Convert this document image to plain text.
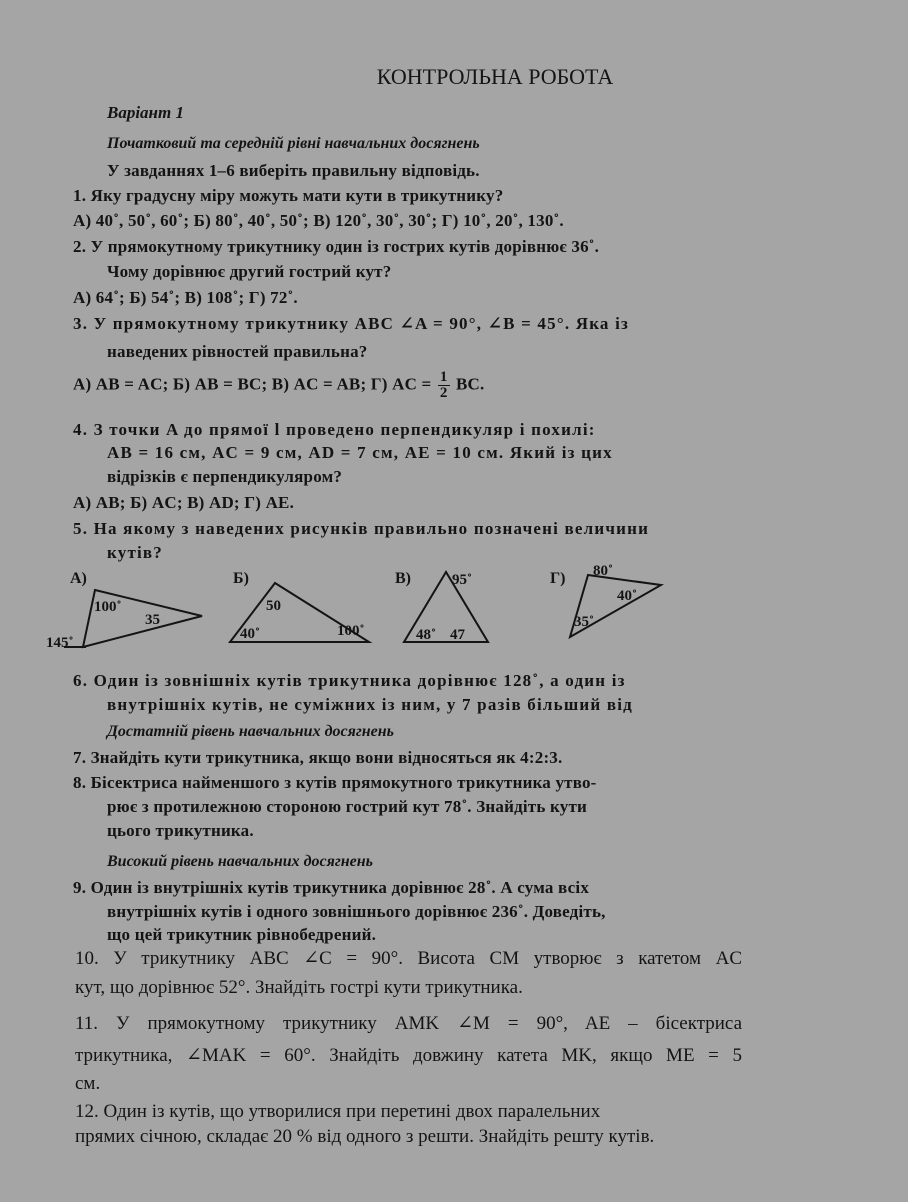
КОНТРОЛЬНА РОБОТА
Варіант 1
Початковий та середній рівні навчальних досягнень
У завданнях 1–6 виберіть правильну відповідь.
1. Яку градусну міру можуть мати кути в трикутнику?
А) 40˚, 50˚, 60˚; Б) 80˚, 40˚, 50˚; В) 120˚, 30˚, 30˚; Г) 10˚, 20˚, 130˚.
2. У прямокутному трикутнику один із гострих кутів дорівнює 36˚.
Чому дорівнює другий гострий кут?
А) 64˚; Б) 54˚; В) 108˚; Г) 72˚.
3. У прямокутному трикутнику ABC ∠A = 90°, ∠B = 45°. Яка із
наведених рівностей правильна?
А) AB = AC; Б) AB = BC; В) AC = AB; Г) AC = $\frac{1}{2}$ BC.
4. З точки A до прямої l проведено перпендикуляр і похилі:
AB = 16 см, AC = 9 см, AD = 7 см, AE = 10 см. Який із цих
відрізків є перпендикуляром?
А) AB; Б) AC; В) AD; Г) AE.
5. На якому з наведених рисунків правильно позначені величини
кутів?
А)
100˚
35
145˚
Б)
50
40˚	100˚
В)	95˚
48˚ 47
Г) 80˚
40˚
35˚
6. Один із зовнішніх кутів трикутника дорівнює 128˚, а один із
внутрішніх кутів, не суміжних із ним, у 7 разів більший від
Достатній рівень навчальних досягнень
7. Знайдіть кути трикутника, якщо вони відносяться як 4:2:3.
8. Бісектриса найменшого з кутів прямокутного трикутника утво-
рює з протилежною стороною гострий кут 78˚. Знайдіть кути
цього трикутника.
Високий рівень навчальних досягнень
9. Один із внутрішніх кутів трикутника дорівнює 28˚. А сума всіх
внутрішніх кутів і одного зовнішнього дорівнює 236˚. Доведіть,
що цей трикутник рівнобедрений.
10. У трикутнику ABC ∠C = 90°. Висота CM утворює з катетом AC
кут, що дорівнює 52°. Знайдіть гострі кути трикутника.
11. У прямокутному трикутнику AMK ∠M = 90°, AE – бісектриса
трикутника, ∠MAK = 60°. Знайдіть довжину катета MK, якщо ME = 5
см.
12. Один із кутів, що утворилися при перетині двох паралельних
прямих січною, складає 20 % від одного з решти. Знайдіть решту кутів.
